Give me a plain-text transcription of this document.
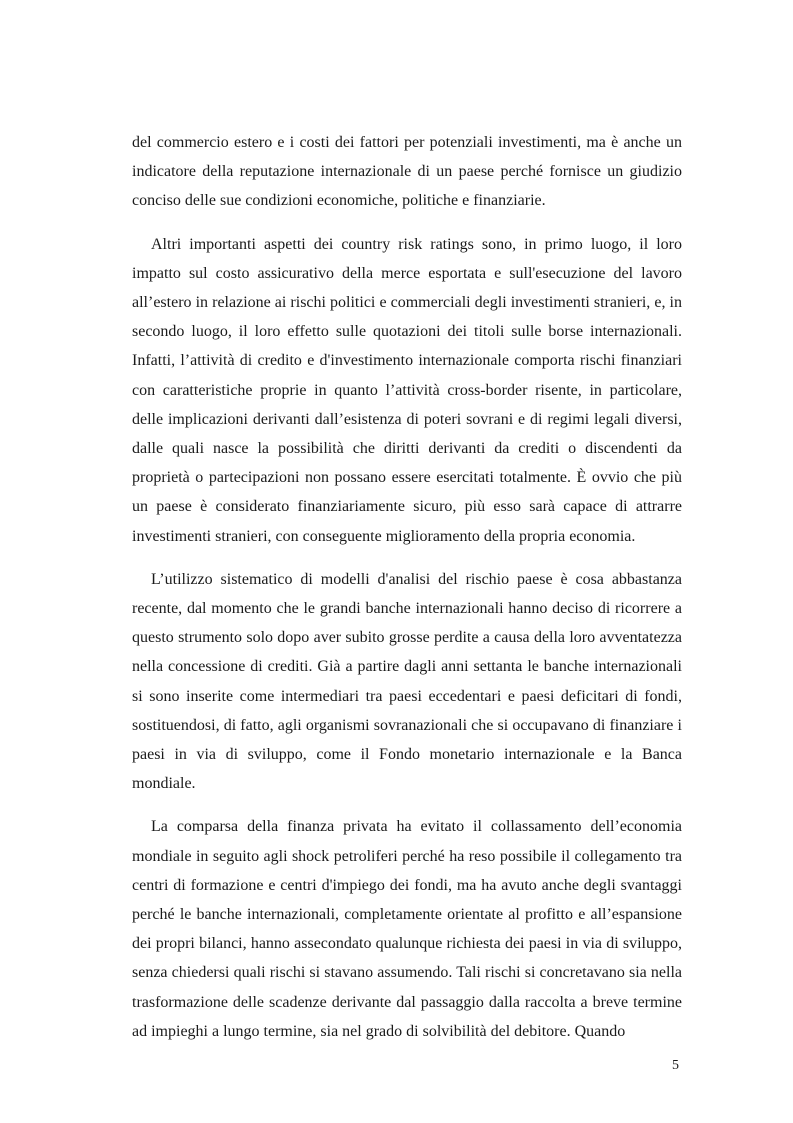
del commercio estero e i costi dei fattori per potenziali investimenti, ma è anche un indicatore della reputazione internazionale di un paese perché fornisce un giudizio conciso delle sue condizioni economiche, politiche e finanziarie.

Altri importanti aspetti dei country risk ratings sono, in primo luogo, il loro impatto sul costo assicurativo della merce esportata e sull'esecuzione del lavoro all’estero in relazione ai rischi politici e commerciali degli investimenti stranieri, e, in secondo luogo, il loro effetto sulle quotazioni dei titoli sulle borse internazionali. Infatti, l’attività di credito e d'investimento internazionale comporta rischi finanziari con caratteristiche proprie in quanto l’attività cross-border risente, in particolare, delle implicazioni derivanti dall’esistenza di poteri sovrani e di regimi legali diversi, dalle quali nasce la possibilità che diritti derivanti da crediti o discendenti da proprietà o partecipazioni non possano essere esercitati totalmente. È ovvio che più un paese è considerato finanziariamente sicuro, più esso sarà capace di attrarre investimenti stranieri, con conseguente miglioramento della propria economia.

L’utilizzo sistematico di modelli d'analisi del rischio paese è cosa abbastanza recente, dal momento che le grandi banche internazionali hanno deciso di ricorrere a questo strumento solo dopo aver subito grosse perdite a causa della loro avventatezza nella concessione di crediti. Già a partire dagli anni settanta le banche internazionali si sono inserite come intermediari tra paesi eccedentari e paesi deficitari di fondi, sostituendosi, di fatto, agli organismi sovranazionali che si occupavano di finanziare i paesi in via di sviluppo, come il Fondo monetario internazionale e la Banca mondiale.

La comparsa della finanza privata ha evitato il collassamento dell’economia mondiale in seguito agli shock petroliferi perché ha reso possibile il collegamento tra centri di formazione e centri d'impiego dei fondi, ma ha avuto anche degli svantaggi perché le banche internazionali, completamente orientate al profitto e all’espansione dei propri bilanci, hanno assecondato qualunque richiesta dei paesi in via di sviluppo, senza chiedersi quali rischi si stavano assumendo. Tali rischi si concretavano sia nella trasformazione delle scadenze derivante dal passaggio dalla raccolta a breve termine ad impieghi a lungo termine, sia nel grado di solvibilità del debitore. Quando

5
